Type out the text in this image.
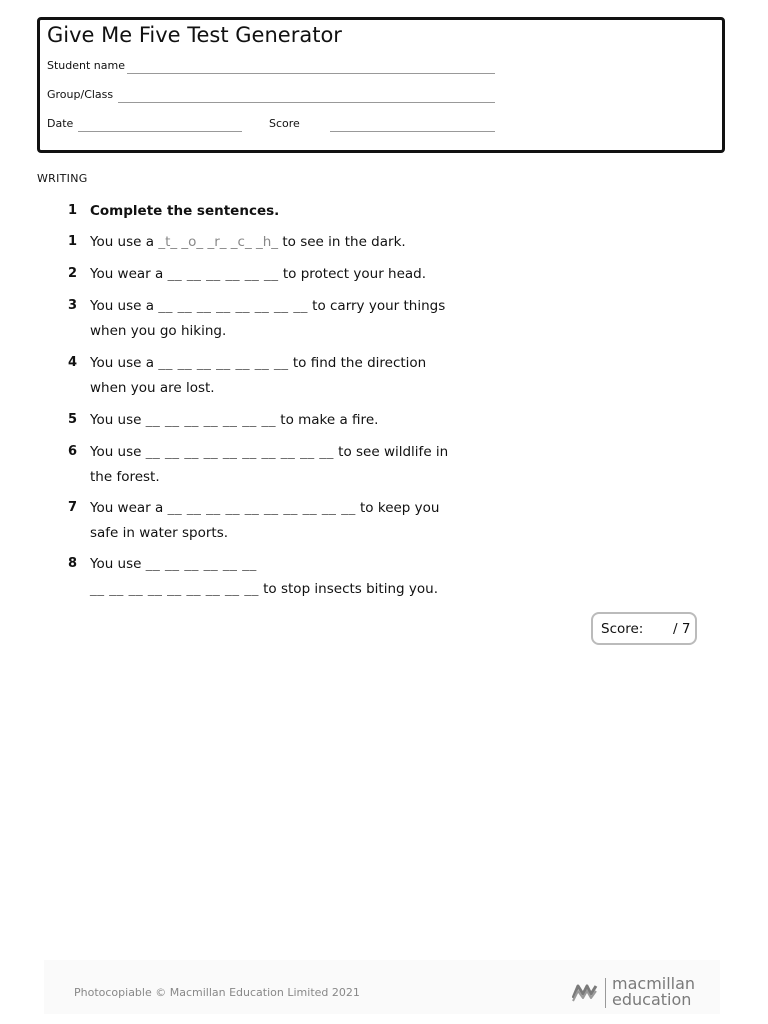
Give Me Five Test Generator
Student name
Group/Class
Date	Score
WRITING
1 Complete the sentences.
1 You use a _t_ _o_ _r_ _c_ _h_ to see in the dark.
2 You wear a __ __ __ __ __ __ to protect your head.
3 You use a __ __ __ __ __ __ __ __ to carry your things
when you go hiking.
4 You use a __ __ __ __ __ __ __ to find the direction
when you are lost.
5 You use __ __ __ __ __ __ __ to make a fire.
6 You use __ __ __ __ __ __ __ __ __ __ to see wildlife in
the forest.
7 You wear a __ __ __ __ __ __ __ __ __ __ to keep you
safe in water sports.
8 You use __ __ __ __ __ __
__ __ __ __ __ __ __ __ __ to stop insects biting you.
Score: / 7
Photocopiable © Macmillan Education Limited 2021	macmillan
education
